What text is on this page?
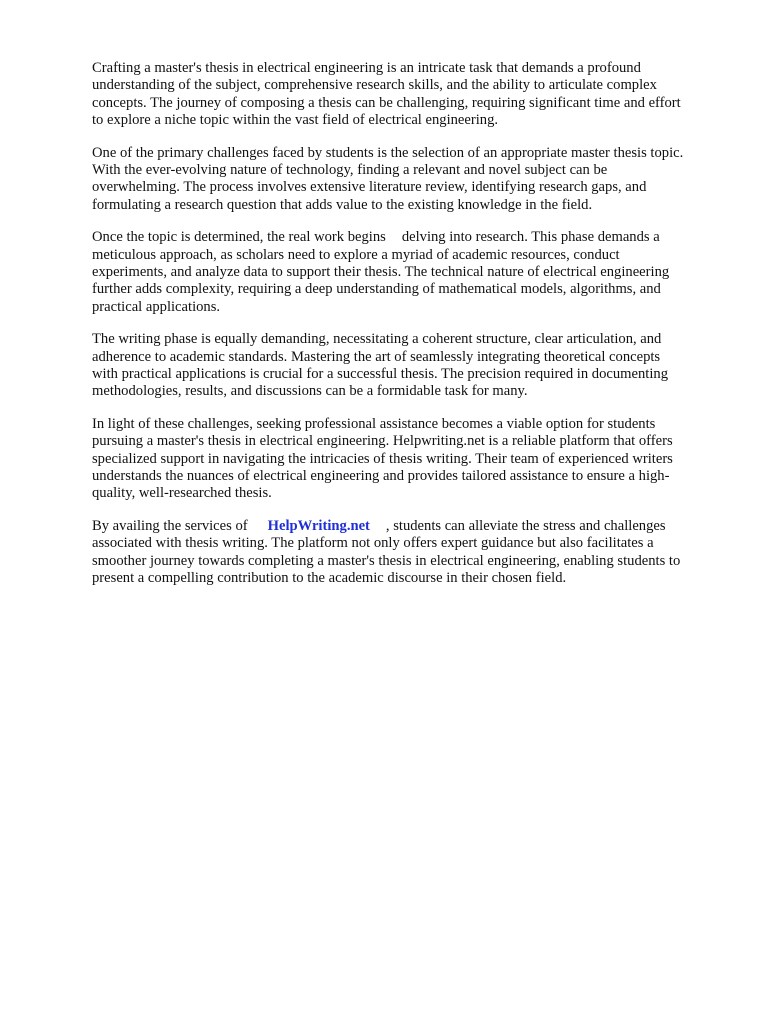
Crafting a master's thesis in electrical engineering is an intricate task that demands a profound
understanding of the subject, comprehensive research skills, and the ability to articulate complex
concepts. The journey of composing a thesis can be challenging, requiring significant time and effort
to explore a niche topic within the vast field of electrical engineering.

One of the primary challenges faced by students is the selection of an appropriate master thesis topic.
With the ever-evolving nature of technology, finding a relevant and novel subject can be
overwhelming. The process involves extensive literature review, identifying research gaps, and
formulating a research question that adds value to the existing knowledge in the field.

Once the topic is determined, the real work begins delving into research. This phase demands a
meticulous approach, as scholars need to explore a myriad of academic resources, conduct
experiments, and analyze data to support their thesis. The technical nature of electrical engineering
further adds complexity, requiring a deep understanding of mathematical models, algorithms, and
practical applications.

The writing phase is equally demanding, necessitating a coherent structure, clear articulation, and
adherence to academic standards. Mastering the art of seamlessly integrating theoretical concepts
with practical applications is crucial for a successful thesis. The precision required in documenting
methodologies, results, and discussions can be a formidable task for many.

In light of these challenges, seeking professional assistance becomes a viable option for students
pursuing a master's thesis in electrical engineering. Helpwriting.net is a reliable platform that offers
specialized support in navigating the intricacies of thesis writing. Their team of experienced writers
understands the nuances of electrical engineering and provides tailored assistance to ensure a high-
quality, well-researched thesis.

By availing the services of HelpWriting.net , students can alleviate the stress and challenges
associated with thesis writing. The platform not only offers expert guidance but also facilitates a
smoother journey towards completing a master's thesis in electrical engineering, enabling students to
present a compelling contribution to the academic discourse in their chosen field.
